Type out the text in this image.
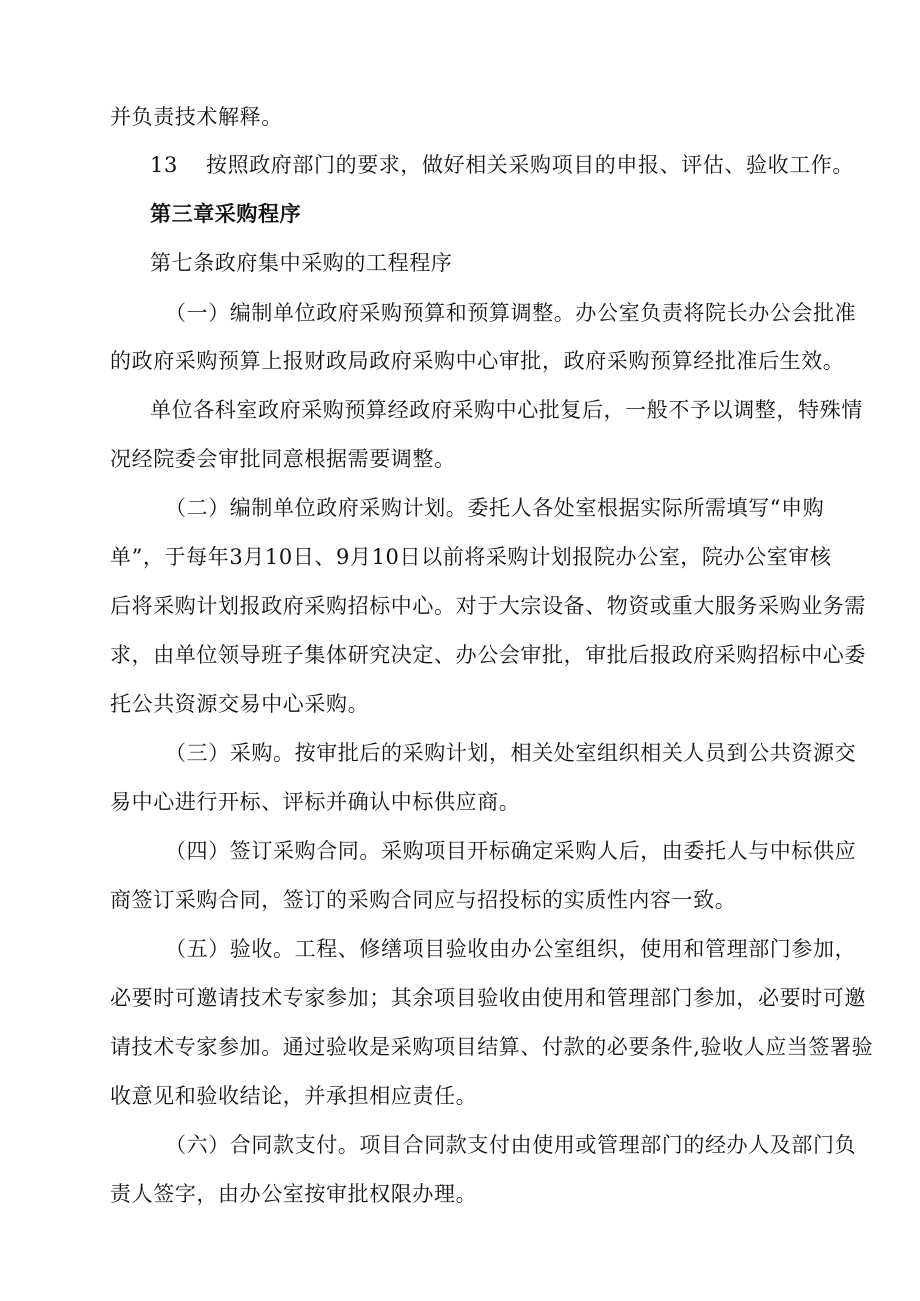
并负责技术解释。
13 按照政府部门的要求，做好相关采购项目的申报、评估、验收工作。
第三章采购程序
第七条政府集中采购的工程程序
（一）编制单位政府采购预算和预算调整。办公室负责将院长办公会批准
的政府采购预算上报财政局政府采购中心审批，政府采购预算经批准后生效。
单位各科室政府采购预算经政府采购中心批复后，一般不予以调整，特殊情
况经院委会审批同意根据需要调整。
（二）编制单位政府采购计划。委托人各处室根据实际所需填写“申购
单”，于每年3月10日、9月10日以前将采购计划报院办公室，院办公室审核
后将采购计划报政府采购招标中心。对于大宗设备、物资或重大服务采购业务需
求，由单位领导班子集体研究决定、办公会审批，审批后报政府采购招标中心委
托公共资源交易中心采购。
（三）采购。按审批后的采购计划，相关处室组织相关人员到公共资源交
易中心进行开标、评标并确认中标供应商。
（四）签订采购合同。采购项目开标确定采购人后，由委托人与中标供应
商签订采购合同，签订的采购合同应与招投标的实质性内容一致。
（五）验收。工程、修缮项目验收由办公室组织，使用和管理部门参加，
必要时可邀请技术专家参加；其余项目验收由使用和管理部门参加，必要时可邀
请技术专家参加。通过验收是采购项目结算、付款的必要条件,验收人应当签署验
收意见和验收结论，并承担相应责任。
（六）合同款支付。项目合同款支付由使用或管理部门的经办人及部门负
责人签字，由办公室按审批权限办理。
